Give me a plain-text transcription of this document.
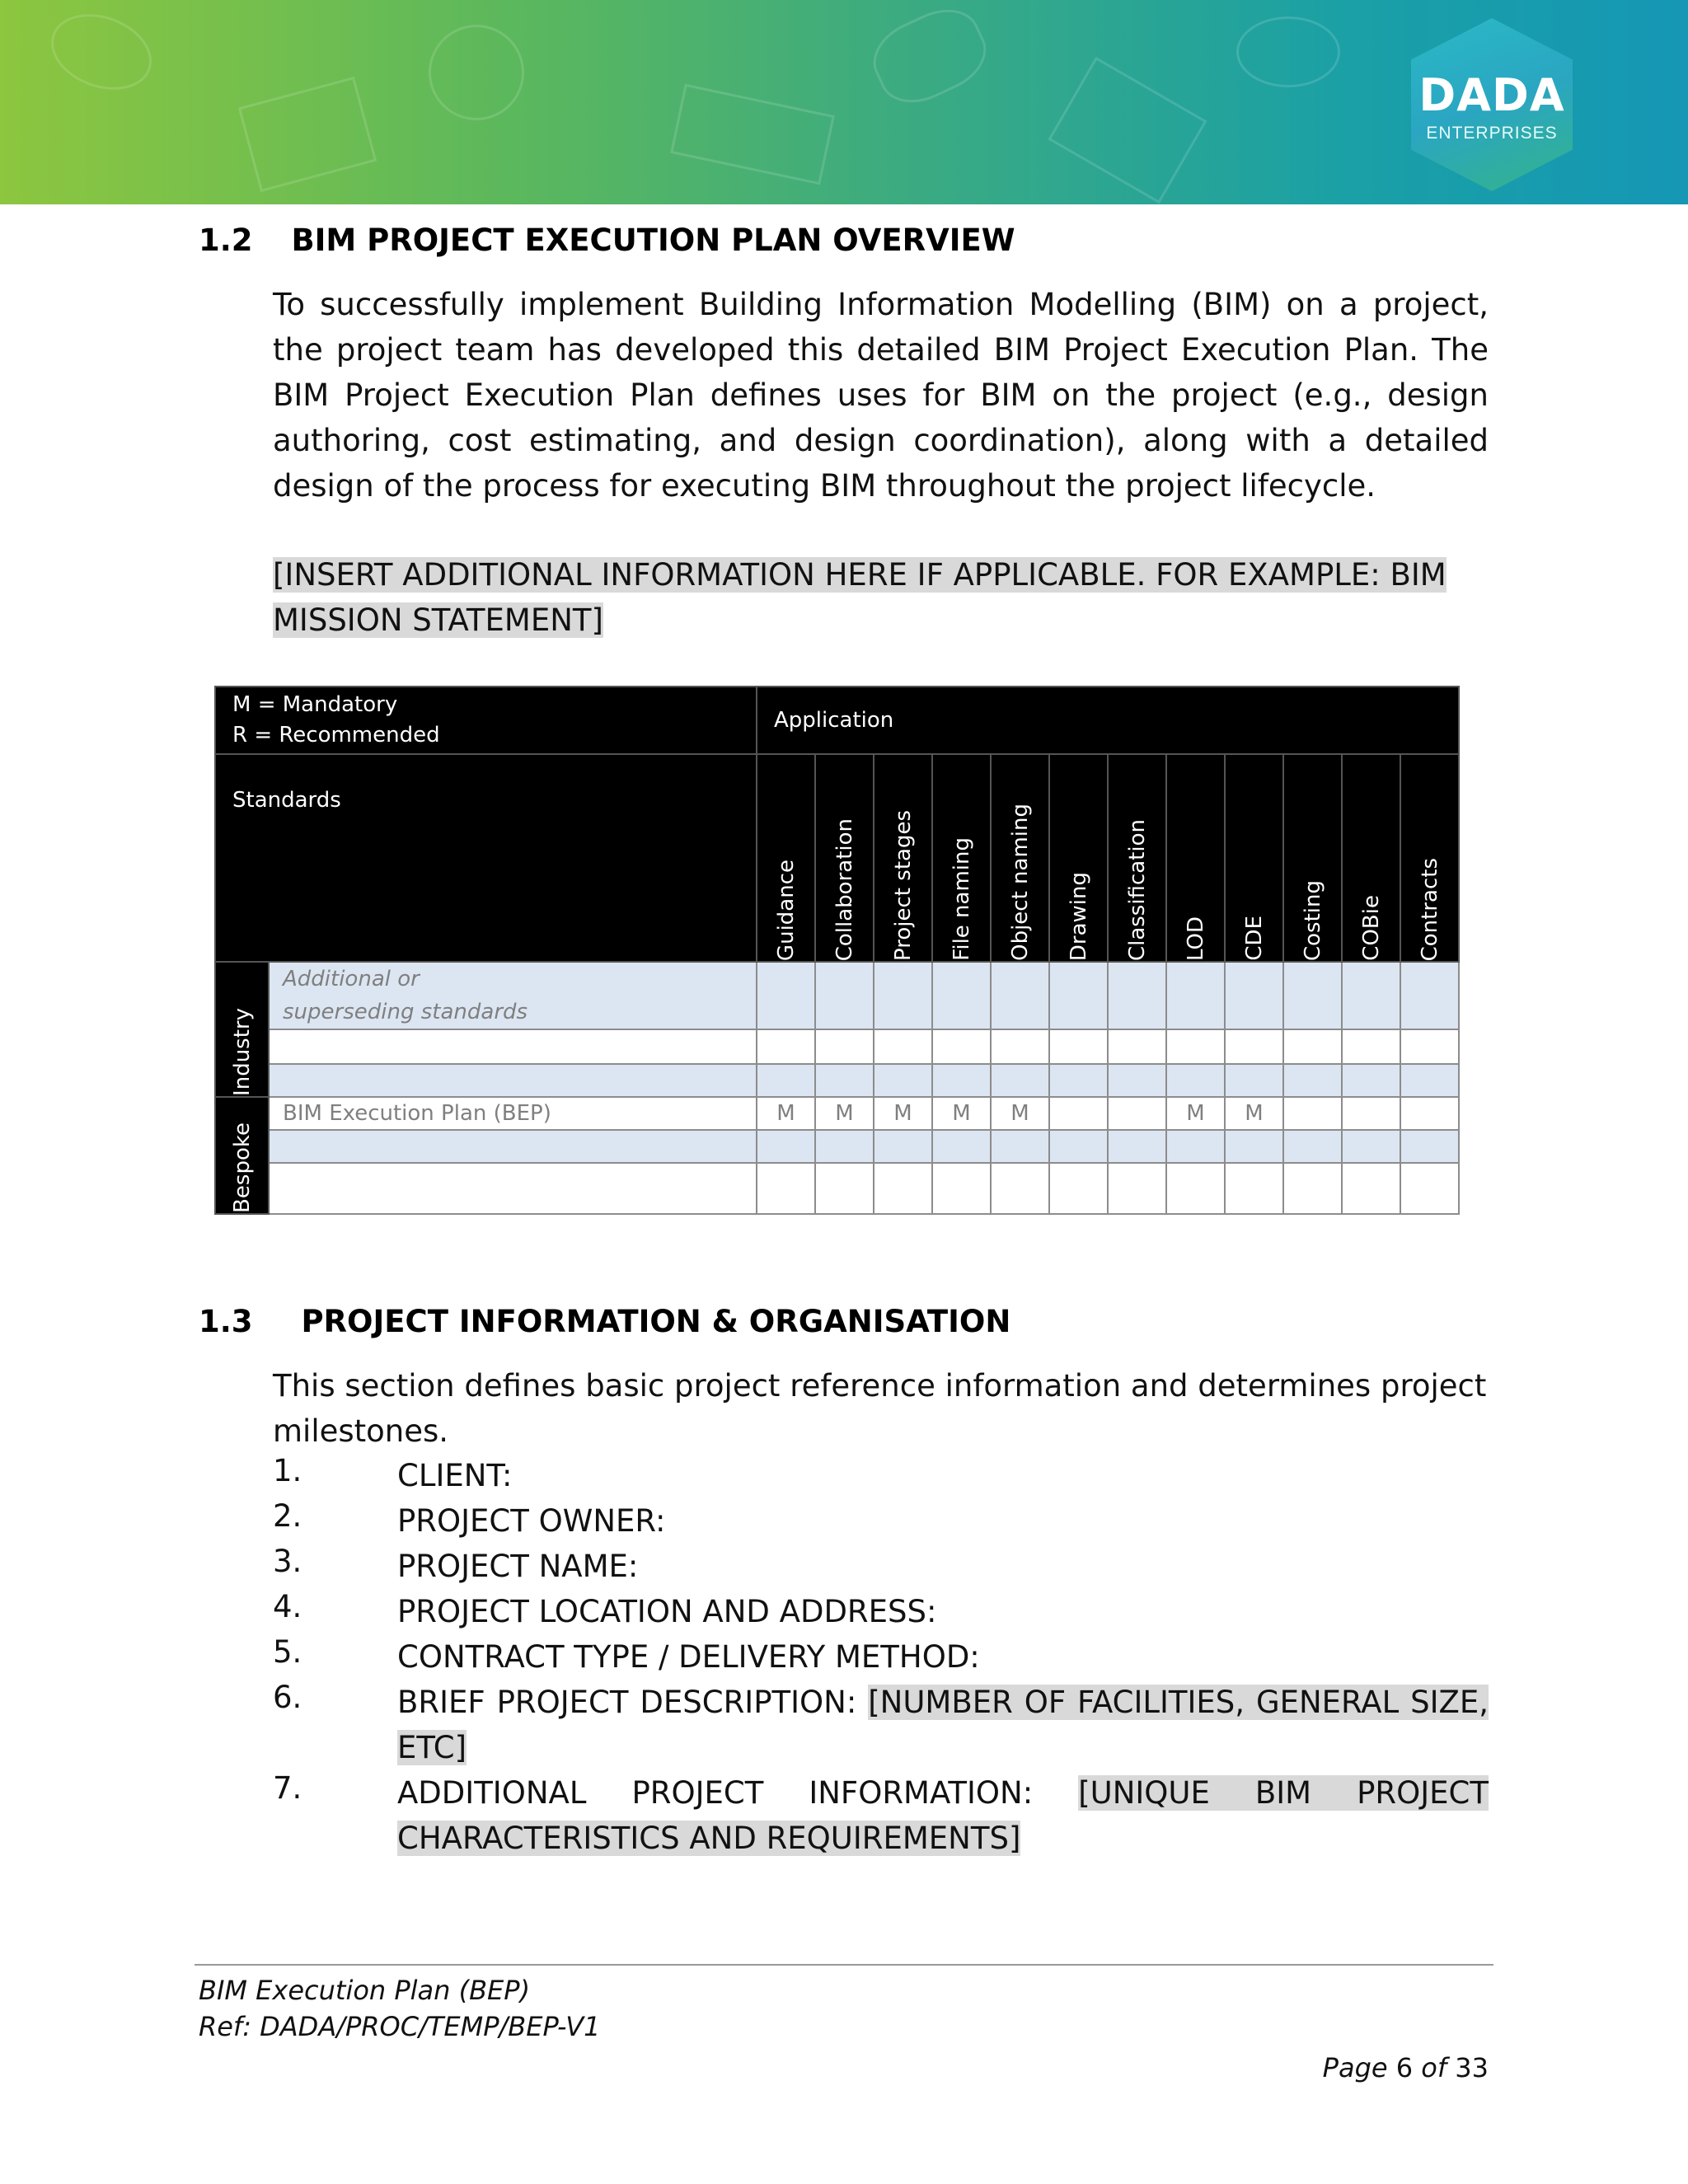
DADA
ENTERPRISES
1.2 BIM PROJECT EXECUTION PLAN OVERVIEW
To successfully implement Building Information Modelling (BIM) on a project, the project team has developed this detailed BIM Project Execution Plan. The BIM Project Execution Plan defines uses for BIM on the project (e.g., design authoring, cost estimating, and design coordination), along with a detailed design of the process for executing BIM throughout the project lifecycle.
[INSERT ADDITIONAL INFORMATION HERE IF APPLICABLE. FOR EXAMPLE: BIM MISSION STATEMENT]
M = Mandatory
R = Recommended		Application											
Standards		Guidance	Collaboration	Project stages	File naming	Object naming	Drawing	Classification	LOD	CDE	Costing	COBie	Contracts

Industry	Additional or superseding standards												

Bespoke	BIM Execution Plan (BEP)	M	M	M	M	M			M	M			

1.3 PROJECT INFORMATION & ORGANISATION
This section defines basic project reference information and determines project milestones.
1.	CLIENT:
2.	PROJECT OWNER:
3.	PROJECT NAME:
4.	PROJECT LOCATION AND ADDRESS:
5.	CONTRACT TYPE / DELIVERY METHOD:
6.	BRIEF PROJECT DESCRIPTION: [NUMBER OF FACILITIES, GENERAL SIZE, ETC]
7.	ADDITIONAL PROJECT INFORMATION: [UNIQUE BIM PROJECT CHARACTERISTICS AND REQUIREMENTS]
BIM Execution Plan (BEP)
Ref: DADA/PROC/TEMP/BEP-V1
Page 6 of 33
